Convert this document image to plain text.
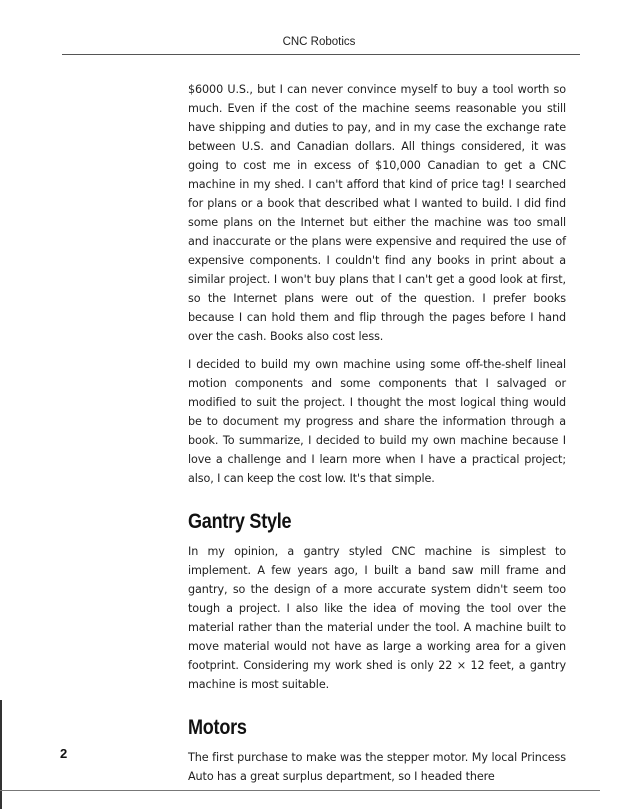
CNC Robotics

$6000 U.S., but I can never convince myself to buy a tool worth so much. Even if the cost of the machine seems reasonable you still have shipping and duties to pay, and in my case the exchange rate between U.S. and Canadian dollars. All things considered, it was going to cost me in excess of $10,000 Canadian to get a CNC machine in my shed. I can't afford that kind of price tag! I searched for plans or a book that described what I wanted to build. I did find some plans on the Internet but either the machine was too small and inaccurate or the plans were expensive and required the use of expensive components. I couldn't find any books in print about a similar project. I won't buy plans that I can't get a good look at first, so the Internet plans were out of the question. I prefer books because I can hold them and flip through the pages before I hand over the cash. Books also cost less.

I decided to build my own machine using some off-the-shelf lineal motion components and some components that I salvaged or modified to suit the project. I thought the most logical thing would be to document my progress and share the information through a book. To summarize, I decided to build my own machine because I love a challenge and I learn more when I have a practical project; also, I can keep the cost low. It's that simple.

Gantry Style

In my opinion, a gantry styled CNC machine is simplest to implement. A few years ago, I built a band saw mill frame and gantry, so the design of a more accurate system didn't seem too tough a project. I also like the idea of moving the tool over the material rather than the material under the tool. A machine built to move material would not have as large a working area for a given footprint. Considering my work shed is only 22 × 12 feet, a gantry machine is most suitable.

Motors

The first purchase to make was the stepper motor. My local Princess Auto has a great surplus department, so I headed there

2
